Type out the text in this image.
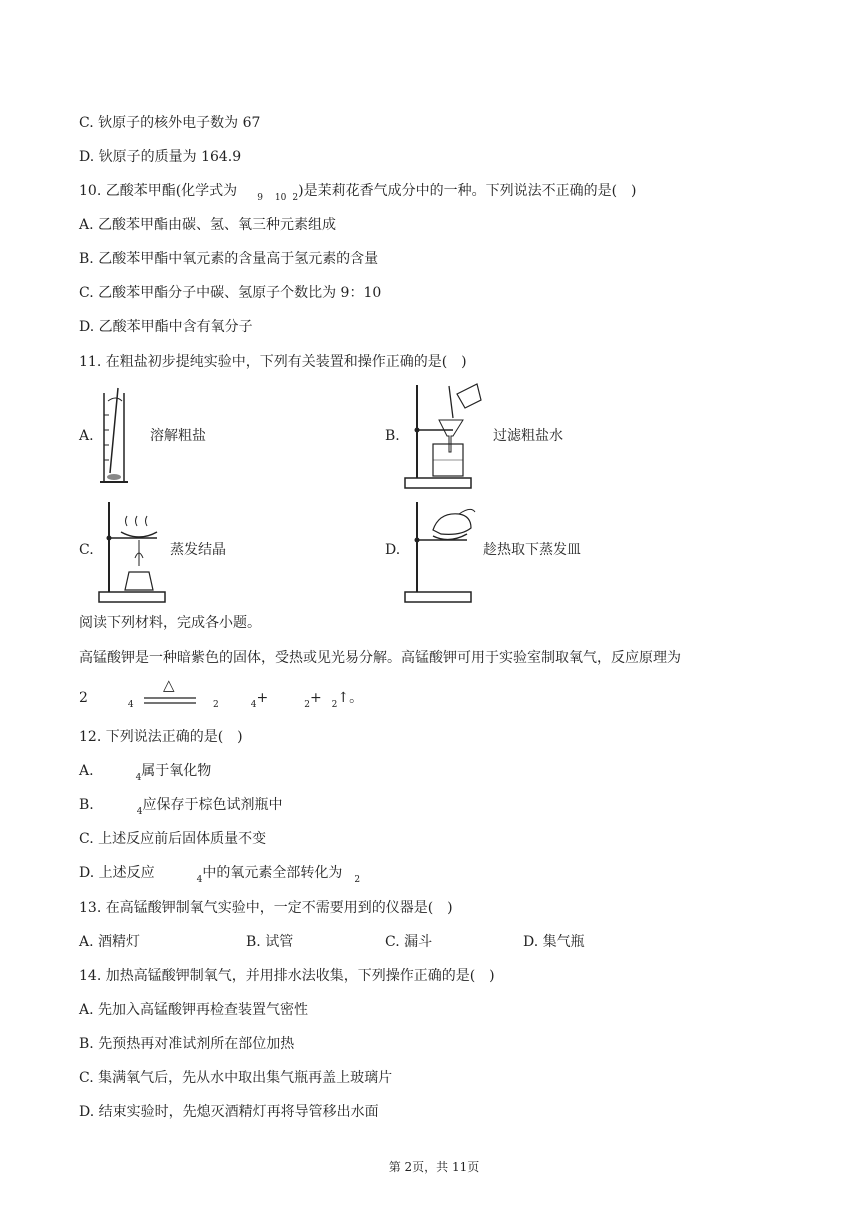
C. 钬原子的核外电子数为 67
D. 钬原子的质量为 164.9
10. 乙酸苯甲酯(化学式为 $_9$ $_{10}$ $_2$)是茉莉花香气成分中的一种。下列说法不正确的是(　)
A. 乙酸苯甲酯由碳、氢、氧三种元素组成
B. 乙酸苯甲酯中氧元素的含量高于氢元素的含量
C. 乙酸苯甲酯分子中碳、氢原子个数比为 9：10
D. 乙酸苯甲酯中含有氧分子
11. 在粗盐初步提纯实验中，下列有关装置和操作正确的是(　)
A.	溶解粗盐	B.	过滤粗盐水
C.	蒸发结晶	D.	趁热取下蒸发皿
阅读下列材料，完成各小题。
高锰酸钾是一种暗紫色的固体，受热或见光易分解。高锰酸钾可用于实验室制取氧气，反应原理为
2	$_4$
△
$_2$	$_4$+	$_2$+ $_2$↑。
12. 下列说法正确的是(　)
A.	$_4$属于氧化物
B.	$_4$应保存于棕色试剂瓶中
C. 上述反应前后固体质量不变
D. 上述反应	$_4$中的氧元素全部转化为 $_2$
13. 在高锰酸钾制氧气实验中，一定不需要用到的仪器是(　)
A. 酒精灯	B. 试管	C. 漏斗	D. 集气瓶
14. 加热高锰酸钾制氧气，并用排水法收集，下列操作正确的是(　)
A. 先加入高锰酸钾再检查装置气密性
B. 先预热再对准试剂所在部位加热
C. 集满氧气后，先从水中取出集气瓶再盖上玻璃片
D. 结束实验时，先熄灭酒精灯再将导管移出水面
第 2页，共 11页
